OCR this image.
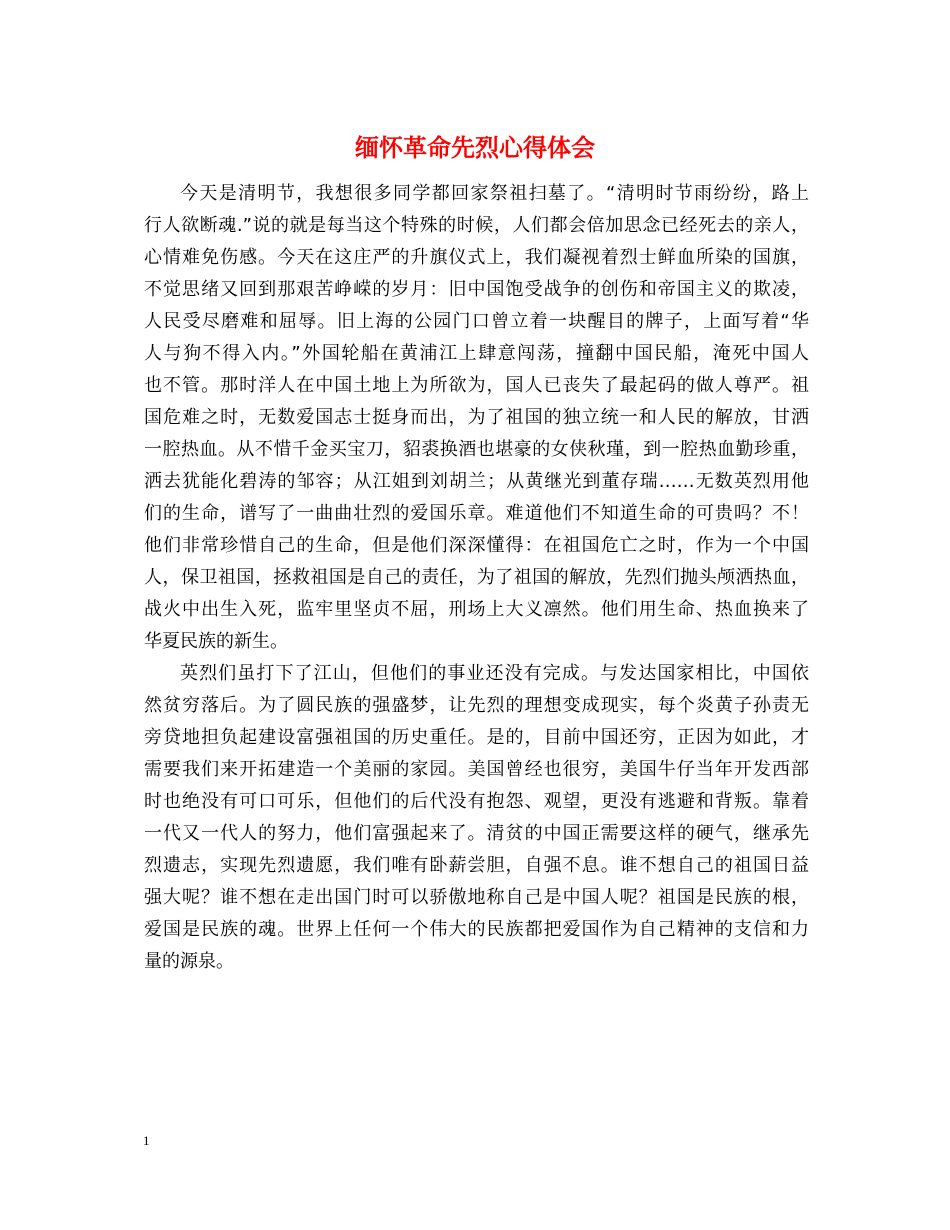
缅怀革命先烈心得体会
今天是清明节，我想很多同学都回家祭祖扫墓了。“清明时节雨纷纷，路上
行人欲断魂.”说的就是每当这个特殊的时候，人们都会倍加思念已经死去的亲人，
心情难免伤感。今天在这庄严的升旗仪式上，我们凝视着烈士鲜血所染的国旗，
不觉思绪又回到那艰苦峥嵘的岁月：旧中国饱受战争的创伤和帝国主义的欺凌，
人民受尽磨难和屈辱。旧上海的公园门口曾立着一块醒目的牌子，上面写着“华
人与狗不得入内。”外国轮船在黄浦江上肆意闯荡，撞翻中国民船，淹死中国人
也不管。那时洋人在中国土地上为所欲为，国人已丧失了最起码的做人尊严。祖
国危难之时，无数爱国志士挺身而出，为了祖国的独立统一和人民的解放，甘洒
一腔热血。从不惜千金买宝刀，貂裘换酒也堪豪的女侠秋瑾，到一腔热血勤珍重，
洒去犹能化碧涛的邹容；从江姐到刘胡兰；从黄继光到董存瑞……无数英烈用他
们的生命，谱写了一曲曲壮烈的爱国乐章。难道他们不知道生命的可贵吗？不！
他们非常珍惜自己的生命，但是他们深深懂得：在祖国危亡之时，作为一个中国
人，保卫祖国，拯救祖国是自己的责任，为了祖国的解放，先烈们抛头颅洒热血，
战火中出生入死，监牢里坚贞不屈，刑场上大义凛然。他们用生命、热血换来了
华夏民族的新生。
英烈们虽打下了江山，但他们的事业还没有完成。与发达国家相比，中国依
然贫穷落后。为了圆民族的强盛梦，让先烈的理想变成现实，每个炎黄子孙责无
旁贷地担负起建设富强祖国的历史重任。是的，目前中国还穷，正因为如此，才
需要我们来开拓建造一个美丽的家园。美国曾经也很穷，美国牛仔当年开发西部
时也绝没有可口可乐，但他们的后代没有抱怨、观望，更没有逃避和背叛。靠着
一代又一代人的努力，他们富强起来了。清贫的中国正需要这样的硬气，继承先
烈遗志，实现先烈遗愿，我们唯有卧薪尝胆，自强不息。谁不想自己的祖国日益
强大呢？谁不想在走出国门时可以骄傲地称自己是中国人呢？祖国是民族的根，
爱国是民族的魂。世界上任何一个伟大的民族都把爱国作为自己精神的支信和力
量的源泉。
1
